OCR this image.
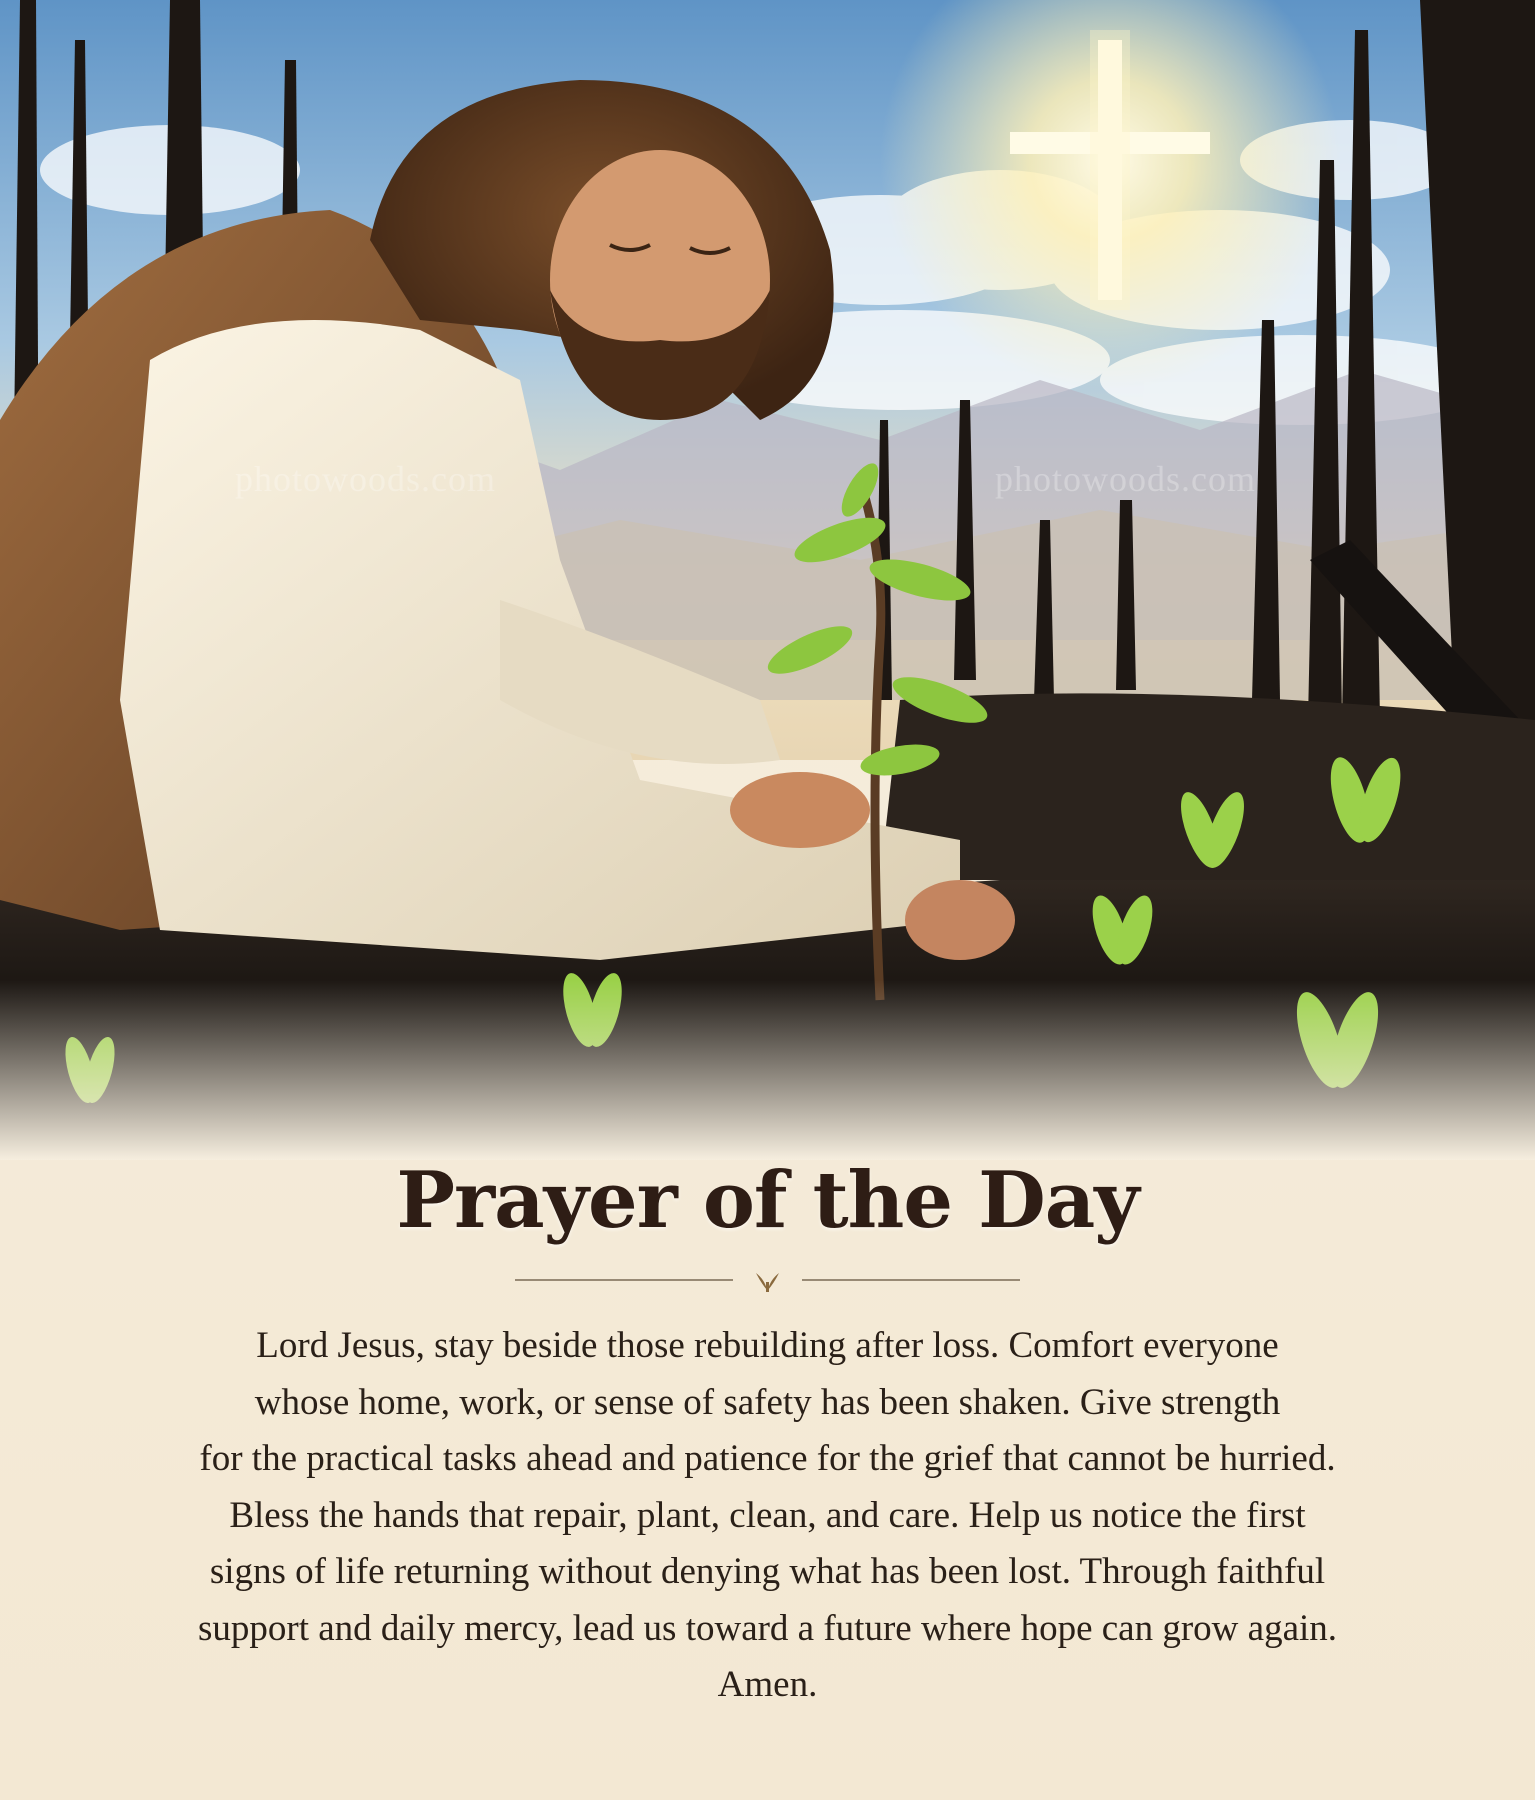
photowoods.com	photowoods.com
Prayer of the Day
Lord Jesus, stay beside those rebuilding after loss. Comfort everyone
whose home, work, or sense of safety has been shaken. Give strength
for the practical tasks ahead and patience for the grief that cannot be hurried.
Bless the hands that repair, plant, clean, and care. Help us notice the first
signs of life returning without denying what has been lost. Through faithful
support and daily mercy, lead us toward a future where hope can grow again.
Amen.
